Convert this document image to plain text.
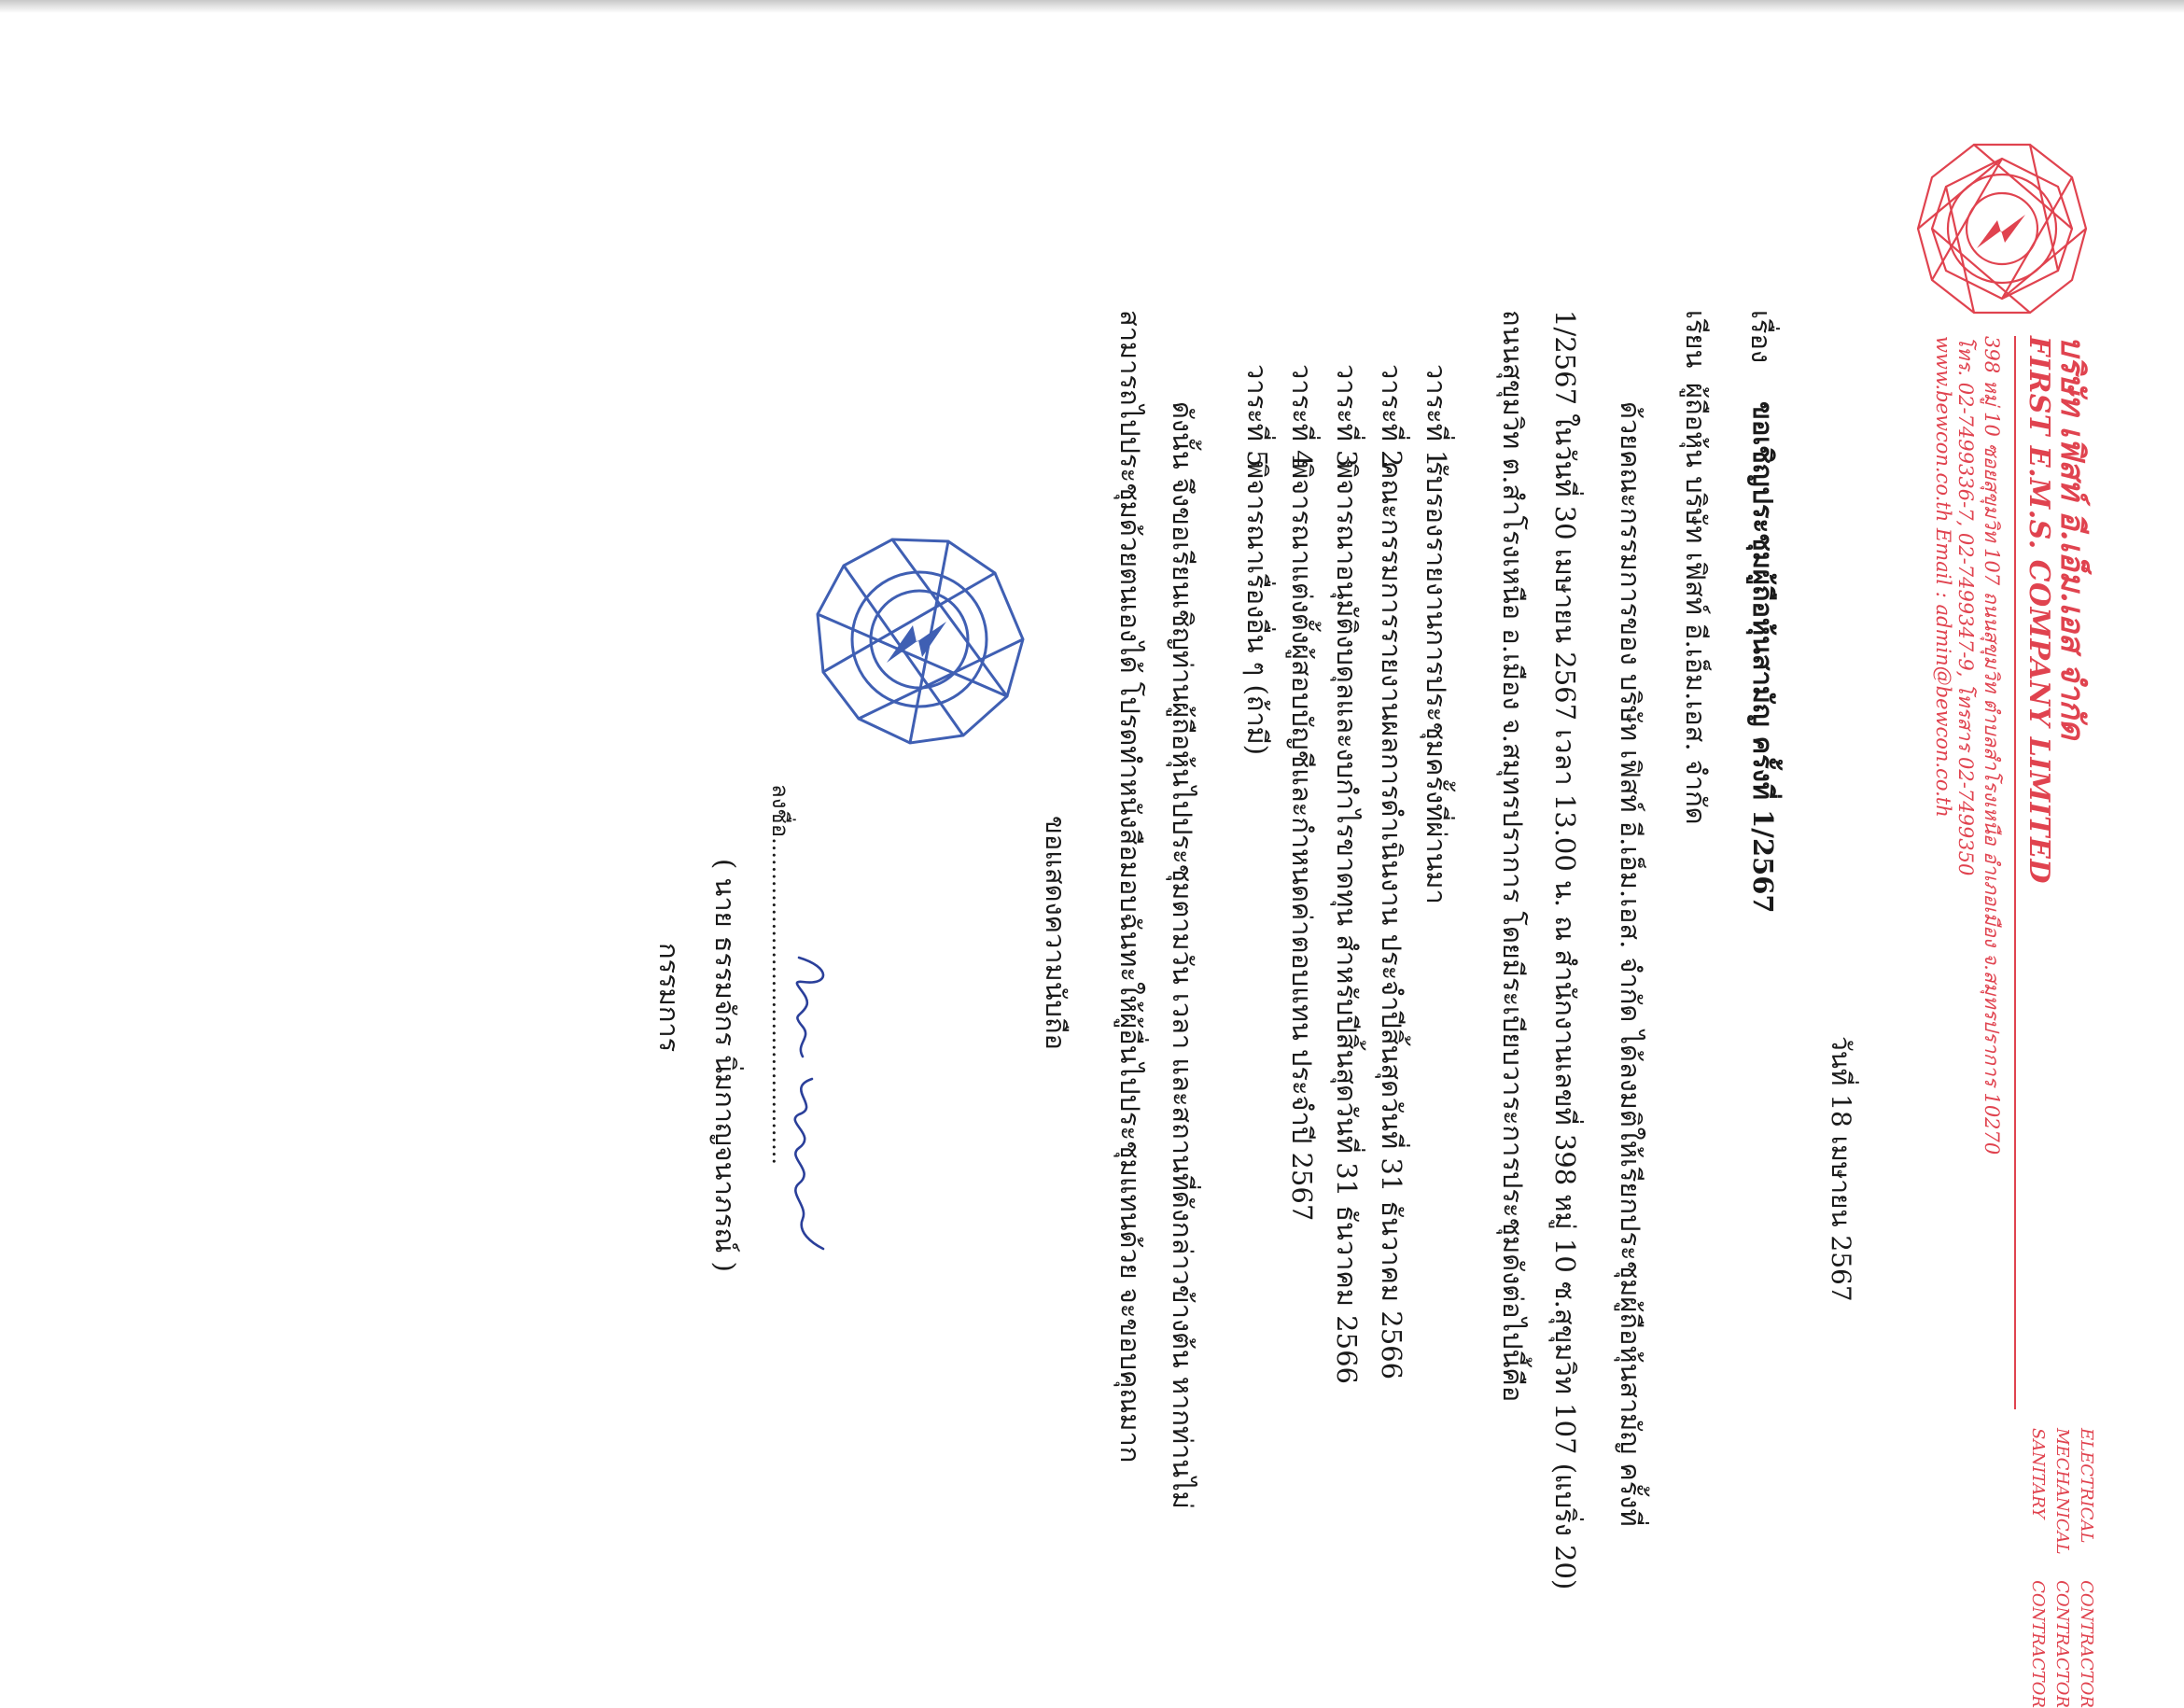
บริษัท เฟิสท์ อี.เอ็ม.เอส จำกัด
FIRST E.M.S. COMPANY LIMITED
398 หมู่ 10 ซอยสุขุมวิท 107 ถนนสุขุมวิท ตำบลสำโรงเหนือ อำเภอเมือง จ.สมุทรปราการ 10270
โทร. 02-7499336-7, 02-7499347-9, โทรสาร 02-7499350
www.bewcon.co.th Email : admin@bewcon.co.th
ELECTRICAL
CONTRACTOR
MECHANICAL
CONTRACTOR
SANITARY
CONTRACTOR
วันที่ 18 เมษายน 2567
เรื่อง
ขอเชิญประชุมผู้ถือหุ้นสามัญ ครั้งที่ 1/2567
เรียน
ผู้ถือหุ้น บริษัท เฟิสท์ อี.เอ็ม.เอส. จำกัด
ด้วยคณะกรรมการของ บริษัท เฟิสท์ อี.เอ็ม.เอส. จำกัด ได้ลงมติให้เรียกประชุมผู้ถือหุ้นสามัญ ครั้งที่
1/2567 ในวันที่ 30 เมษายน 2567 เวลา 13.00 น. ณ สำนักงานเลขที่ 398 หมู่ 10 ซ.สุขุมวิท 107 (แบริ่ง 20)
ถนนสุขุมวิท ต.สำโรงเหนือ อ.เมือง จ.สมุทรปราการ โดยมีระเบียบวาระการประชุมดังต่อไปนี้คือ
วาระที่ 1รับรองรายงานการประชุมครั้งที่ผ่านมา
วาระที่ 2คณะกรรมการรายงานผลการดำเนินงาน ประจำปีสิ้นสุดวันที่ 31 ธันวาคม 2566
วาระที่ 3พิจารณาอนุมัติงบดุลและงบกำไรขาดทุน สำหรับปีสิ้นสุดวันที่ 31 ธันวาคม 2566
วาระที่ 4พิจารณาแต่งตั้งผู้สอบบัญชีและกำหนดค่าตอบแทน ประจำปี 2567
วาระที่ 5พิจารณาเรื่องอื่น ๆ (ถ้ามี)
ดังนั้น จึงขอเรียนเชิญท่านผู้ถือหุ้นไปประชุมตามวัน เวลา และสถานที่ดังกล่าวข้างต้น หากท่านไม่
สามารถไปประชุมด้วยตนเองได้ โปรดทำหนังสือมอบฉันทะให้ผู้อื่นไปประชุมแทนด้วย จะขอบคุณมาก
ขอแสดงความนับถือ
ลงชื่อ..............................................
( นาย ธรรมจักร นิ่มกาญจนาภรณ์ )
กรรมการ
